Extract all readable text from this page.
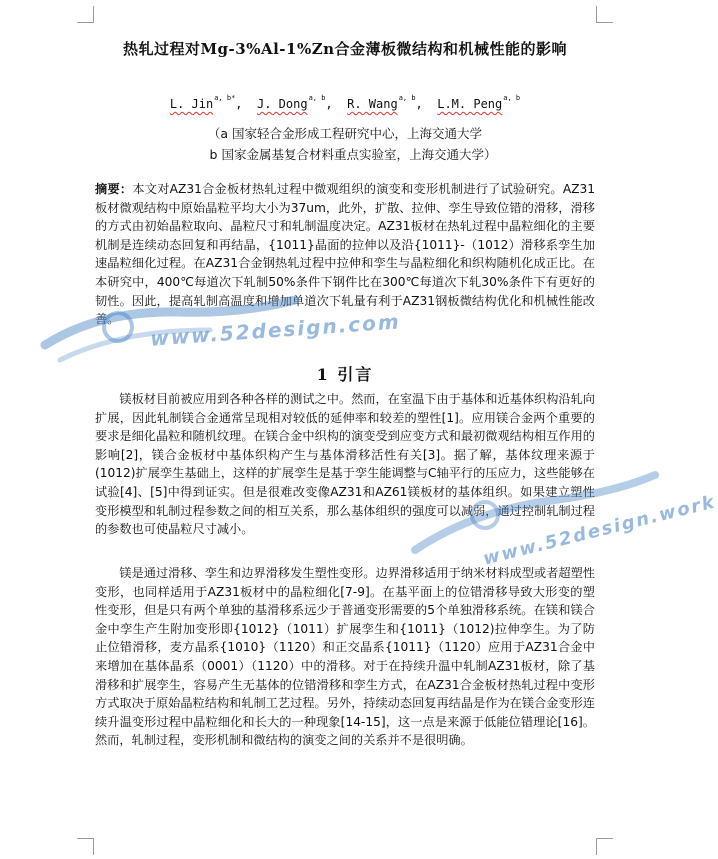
热轧过程对Mg-3%Al-1%Zn合金薄板微结构和机械性能的影响
L. Jin$^{a, b*}$,  J. Dong$^{a, b}$,  R. Wang$^{a, b}$,  L.M. Peng$^{a, b}$
（a 国家轻合金形成工程研究中心，上海交通大学
b 国家金属基复合材料重点实验室，上海交通大学）
摘要：本文对AZ31合金板材热轧过程中微观组织的演变和变形机制进行了试验研究。AZ31板材微观结构中原始晶粒平均大小为37um，此外，扩散、拉伸、孪生导致位错的滑移，滑移的方式由初始晶粒取向、晶粒尺寸和轧制温度决定。AZ31板材在热轧过程中晶粒细化的主要机制是连续动态回复和再结晶，{1011}晶面的拉伸以及沿{1011}-（1012）滑移系孪生加速晶粒细化过程。在AZ31合金钢热轧过程中拉伸和孪生与晶粒细化和织构随机化成正比。在本研究中，400℃每道次下轧制50%条件下钢件比在300℃每道次下轧30%条件下有更好的韧性。因此，提高轧制高温度和增加单道次下轧量有利于AZ31钢板微结构优化和机械性能改善。
1 引言
镁板材目前被应用到各种各样的测试之中。然而，在室温下由于基体和近基体织构沿轧向扩展，因此轧制镁合金通常呈现相对较低的延伸率和较差的塑性[1]。应用镁合金两个重要的要求是细化晶粒和随机纹理。在镁合金中织构的演变受到应变方式和最初微观结构相互作用的影响[2]，镁合金板材中基体织构产生与基体滑移活性有关[3]。据了解，基体纹理来源于(1012)扩展孪生基础上，这样的扩展孪生是基于孪生能调整与C轴平行的压应力，这些能够在试验[4]、[5]中得到证实。但是很难改变像AZ31和AZ61镁板材的基体组织。如果建立塑性变形模型和轧制过程参数之间的相互关系，那么基体组织的强度可以减弱，通过控制轧制过程的参数也可使晶粒尺寸减小。
镁是通过滑移、孪生和边界滑移发生塑性变形。边界滑移适用于纳米材料成型或者超塑性变形，也同样适用于AZ31板材中的晶粒细化[7-9]。在基平面上的位错滑移导致大形变的塑性变形，但是只有两个单独的基滑移系远少于普通变形需要的5个单独滑移系统。在镁和镁合金中孪生产生附加变形即{1012}（1011）扩展孪生和{1011}（1012)拉伸孪生。为了防止位错滑移，麦方晶系{1010}（1120）和正交晶系{1011}（1120）应用于AZ31合金中来增加在基体晶系（0001）（1120）中的滑移。对于在持续升温中轧制AZ31板材，除了基滑移和扩展孪生，容易产生无基体的位错滑移和孪生方式，在AZ31合金板材热轧过程中变形方式取决于原始晶粒结构和轧制工艺过程。另外，持续动态回复再结晶是作为在镁合金变形连续升温变形过程中晶粒细化和长大的一种现象[14-15]，这一点是来源于低能位错理论[16]。然而，轧制过程，变形机制和微结构的演变之间的关系并不是很明确。
www.52design.com
www.52design.work
